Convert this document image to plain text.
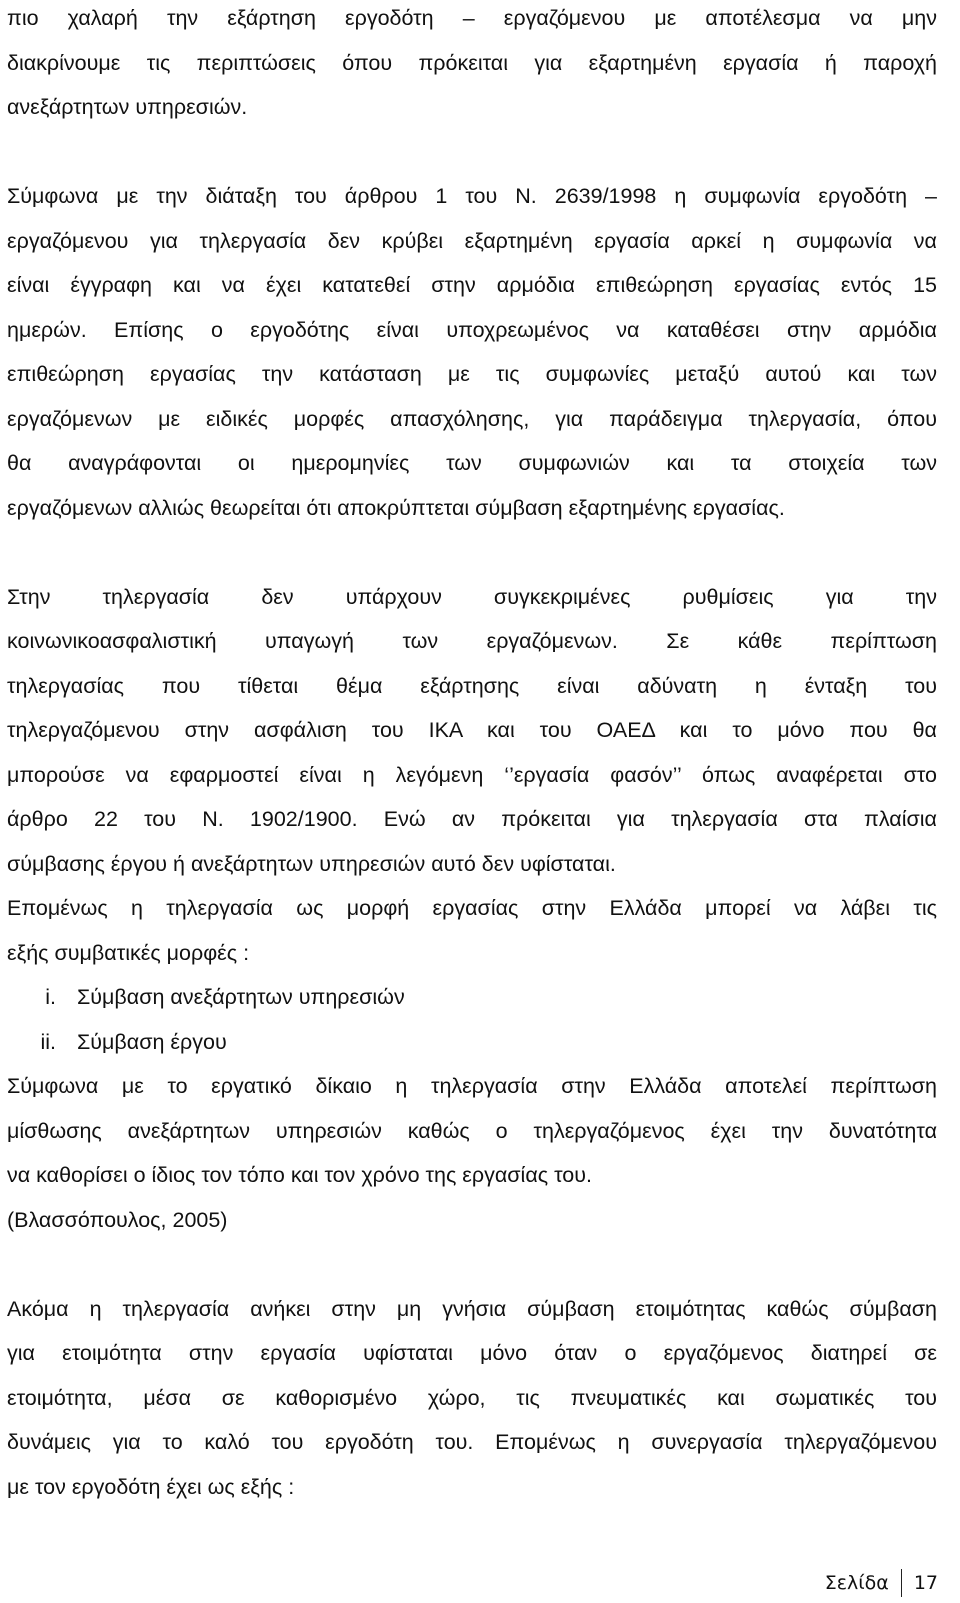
πιο χαλαρή την εξάρτηση εργοδότη – εργαζόμενου με αποτέλεσμα να μην

διακρίνουμε τις περιπτώσεις όπου πρόκειται για εξαρτημένη εργασία ή παροχή

ανεξάρτητων υπηρεσιών.

Σύμφωνα με την διάταξη του άρθρου 1 του Ν. 2639/1998 η συμφωνία εργοδότη –

εργαζόμενου για τηλεργασία δεν κρύβει εξαρτημένη εργασία αρκεί η συμφωνία να

είναι έγγραφη και να έχει κατατεθεί στην αρμόδια επιθεώρηση εργασίας εντός 15

ημερών. Επίσης ο εργοδότης είναι υποχρεωμένος να καταθέσει στην αρμόδια

επιθεώρηση εργασίας την κατάσταση με τις συμφωνίες μεταξύ αυτού και των

εργαζόμενων με ειδικές μορφές απασχόλησης, για παράδειγμα τηλεργασία, όπου

θα αναγράφονται οι ημερομηνίες των συμφωνιών και τα στοιχεία των

εργαζόμενων αλλιώς θεωρείται ότι αποκρύπτεται σύμβαση εξαρτημένης εργασίας.

Στην τηλεργασία δεν υπάρχουν συγκεκριμένες ρυθμίσεις για την

κοινωνικοασφαλιστική υπαγωγή των εργαζόμενων. Σε κάθε περίπτωση

τηλεργασίας που τίθεται θέμα εξάρτησης είναι αδύνατη η ένταξη του

τηλεργαζόμενου στην ασφάλιση του ΙΚΑ και του ΟΑΕΔ και το μόνο που θα

μπορούσε να εφαρμοστεί είναι η λεγόμενη ‘’εργασία φασόν’’ όπως αναφέρεται στο

άρθρο 22 του Ν. 1902/1900. Ενώ αν πρόκειται για τηλεργασία στα πλαίσια

σύμβασης έργου ή ανεξάρτητων υπηρεσιών αυτό δεν υφίσταται.

Επομένως η τηλεργασία ως μορφή εργασίας στην Ελλάδα μπορεί να λάβει τις

εξής συμβατικές μορφές :

i. Σύμβαση ανεξάρτητων υπηρεσιών
ii. Σύμβαση έργου

Σύμφωνα με το εργατικό δίκαιο η τηλεργασία στην Ελλάδα αποτελεί περίπτωση

μίσθωσης ανεξάρτητων υπηρεσιών καθώς ο τηλεργαζόμενος έχει την δυνατότητα

να καθορίσει ο ίδιος τον τόπο και τον χρόνο της εργασίας του.

(Βλασσόπουλος, 2005)

Ακόμα η τηλεργασία ανήκει στην μη γνήσια σύμβαση ετοιμότητας καθώς σύμβαση

για ετοιμότητα στην εργασία υφίσταται μόνο όταν ο εργαζόμενος διατηρεί σε

ετοιμότητα, μέσα σε καθορισμένο χώρο, τις πνευματικές και σωματικές του

δυνάμεις για το καλό του εργοδότη του. Επομένως η συνεργασία τηλεργαζόμενου

με τον εργοδότη έχει ως εξής :

Σελίδα 17
